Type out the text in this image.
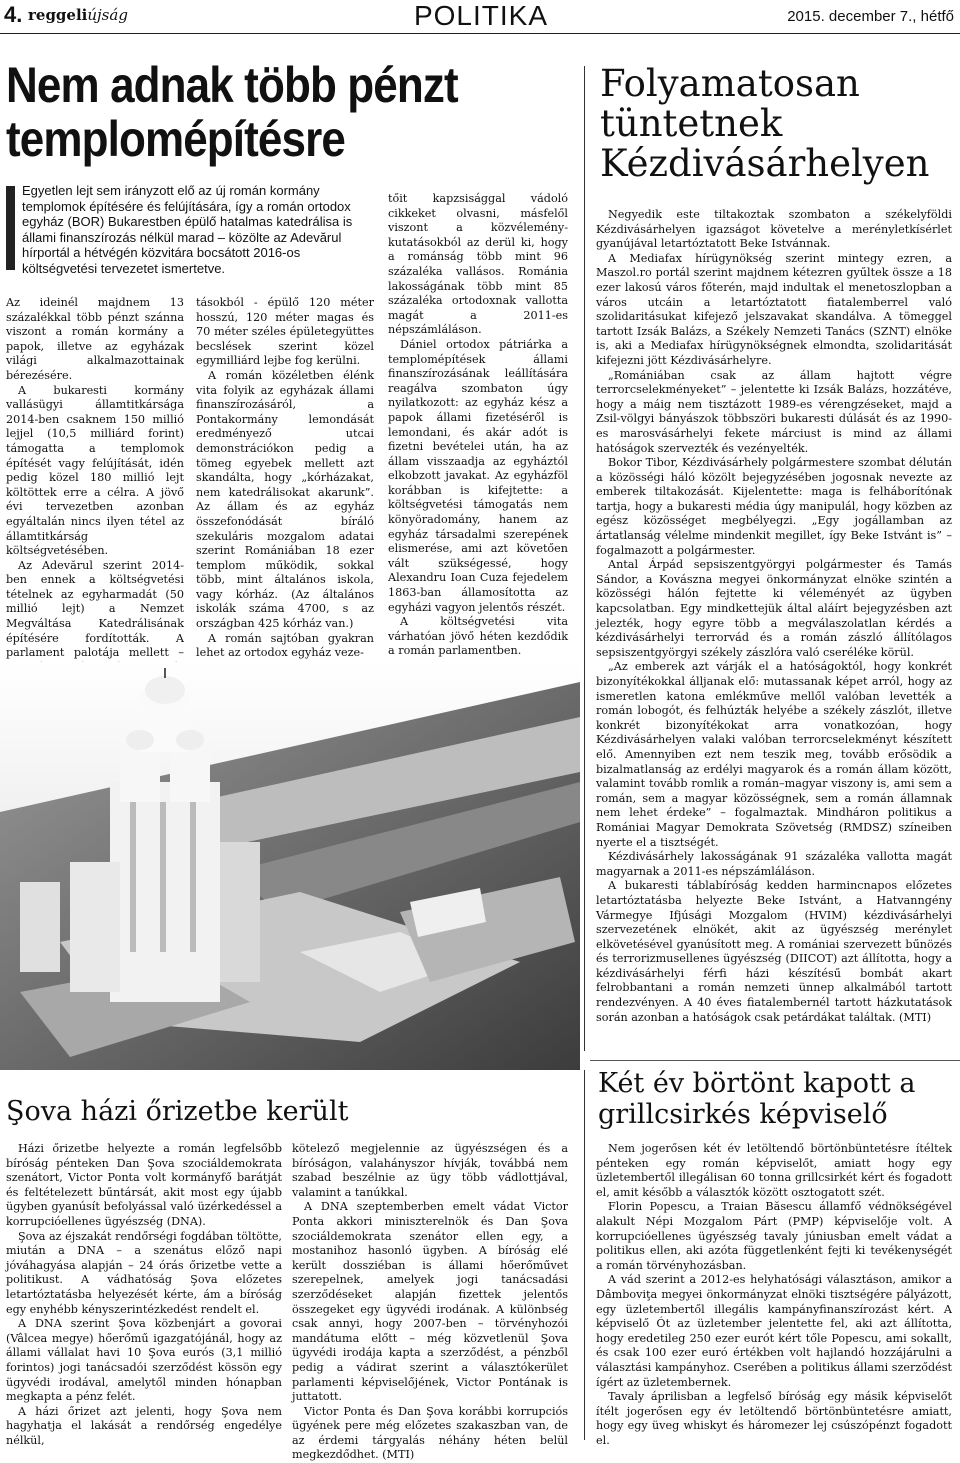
4. reggeliújság	POLITIKA	2015. december 7., hétfő
Nem adnak több pénzt templomépítésre
Egyetlen lejt sem irányzott elő az új román kormány templomok építésére és felújítására, így a román ortodox egyház (BOR) Bukarestben épülő hatalmas katedrálisa is állami finanszírozás nélkül marad – közölte az Adevărul hírportál a hétvégén közvitára bocsátott 2016-os költségvetési tervezetet ismertetve.

Az ideinél majdnem 13 százalékkal több pénzt szánna viszont a román kormány a papok, illetve az egyházak világi alkalmazottainak bérezésére.

A bukaresti kormány vallásügyi államtitkársága 2014-ben csaknem 150 millió lejjel (10,5 milliárd forint) támogatta a templomok építését vagy felújítását, idén pedig közel 180 millió lejt költöttek erre a célra. A jövő évi tervezetben azonban egyáltalán nincs ilyen tétel az államtitkárság költségvetésében.

Az Adevărul szerint 2014-ben ennek a költségvetési tételnek az egyharmadát (50 millió lejt) a Nemzet Megváltása Katedrálisának építésére fordították. A parlament palotája mellett –

tásokból - épülő 120 méter hosszú, 120 méter magas és 70 méter széles épületegyüttes becslések szerint közel egymilliárd lejbe fog kerülni.

A román közéletben élénk vita folyik az egyházak állami finanszírozásáról, a Pontakormány lemondását eredményező utcai demonstrációkon pedig a tömeg egyebek mellett azt skandálta, hogy „kórházakat, nem katedrálisokat akarunk”. Az állam és az egyház összefonódását bíráló szekuláris mozgalom adatai szerint Romániában 18 ezer templom működik, sokkal több, mint általános iskola, vagy kórház. (Az általános iskolák száma 4700, s az országban 425 kórház van.)

A román sajtóban gyakran lehet az ortodox egyház veze-

tőit kapzsisággal vádoló cikkeket olvasni, másfelől viszont a közvélemény-kutatásokból az derül ki, hogy a románság több mint 96 százaléka vallásos. Románia lakosságának több mint 85 százaléka ortodoxnak vallotta magát a 2011-es népszámláláson.

Dániel ortodox pátriárka a templomépítések állami finanszírozásának leállítására reagálva szombaton úgy nyilatkozott: az egyház kész a papok állami fizetéséről is lemondani, és akár adót is fizetni bevételei után, ha az állam visszaadja az egyháztól elkobzott javakat. Az egyházföl korábban is kifejtette: a költségvetési támogatás nem könyöradomány, hanem az egyház társadalmi szerepének elismerése, ami azt követően vált szükségessé, hogy Alexandru Ioan Cuza fejedelem 1863-ban államosította az egyházi vagyon jelentős részét.

A költségvetési vita várhatóan jövő héten kezdődik a román parlamentben.

Folyamatosan tüntetnek Kézdivásárhelyen

Negyedik este tiltakoztak szombaton a székelyföldi Kézdivásárhelyen igazságot követelve a merényletkísérlet gyanújával letartóztatott Beke Istvánnak.

A Mediafax hírügynökség szerint mintegy ezren, a Maszol.ro portál szerint majdnem kétezren gyűltek össze a 18 ezer lakosú város főterén, majd indultak el menetoszlopban a város utcáin a letartóztatott fiatalemberrel való szolidaritásukat kifejező jelszavakat skandálva. A tömeggel tartott Izsák Balázs, a Székely Nemzeti Tanács (SZNT) elnöke is, aki a Mediafax hírügynökségnek elmondta, szolidaritását kifejezni jött Kézdivásárhelyre.

„Romániában csak az állam hajtott végre terrorcselekményeket” – jelentette ki Izsák Balázs, hozzátéve, hogy a máig nem tisztázott 1989-es vérengzéseket, majd a Zsil-völgyi bányászok többszöri bukaresti dúlását és az 1990-es marosvásárhelyi fekete márciust is mind az állami hatóságok szervezték és vezényelték.

Bokor Tibor, Kézdivásárhely polgármestere szombat délután a közösségi háló közölt bejegyzésében jogosnak nevezte az emberek tiltakozását. Kijelentette: maga is felháborítónak tartja, hogy a bukaresti média úgy manipulál, hogy közben az egész közösséget megbélyegzi. „Egy jogállamban az ártatlanság vélelme mindenkit megillet, így Beke Istvánt is” – fogalmazott a polgármester.

Antal Árpád sepsiszentgyörgyi polgármester és Tamás Sándor, a Kovászna megyei önkormányzat elnöke szintén a közösségi hálón fejtette ki véleményét az ügyben kapcsolatban. Egy mindkettejük által aláírt bejegyzésben azt jelezték, hogy egyre több a megválaszolatlan kérdés a kézdivásárhelyi terrorvád és a román zászló állítólagos sepsiszentgyörgyi székely zászlóra való cseréléke körül.

„Az emberek azt várják el a hatóságoktól, hogy konkrét bizonyítékokkal álljanak elő: mutassanak képet arról, hogy az ismeretlen katona emlékműve mellől valóban levették a román lobogót, és felhúzták helyébe a székely zászlót, illetve konkrét bizonyítékokat arra vonatkozóan, hogy Kézdivásárhelyen valaki valóban terrorcselekményt készített elő. Amennyiben ezt nem teszik meg, tovább erősödik a bizalmatlanság az erdélyi magyarok és a román állam között, valamint tovább romlik a román–magyar viszony is, ami sem a román, sem a magyar közösségnek, sem a román államnak nem lehet érdeke” – fogalmaztak. Mindháron politikus a Romániai Magyar Demokrata Szövetség (RMDSZ) színeiben nyerte el a tisztségét.

Kézdivásárhely lakosságának 91 százaléka vallotta magát magyarnak a 2011-es népszámláláson.

A bukaresti táblabíróság kedden harmincnapos előzetes letartóztatásba helyezte Beke Istvánt, a Hatvanngény Vármegye Ifjúsági Mozgalom (HVIM) kézdivásárhelyi szervezetének elnökét, akit az ügyészség merénylet elkövetésével gyanúsított meg. A romániai szervezett bűnözés és terrorizmusellenes ügyészség (DIICOT) azt állította, hogy a kézdivásárhelyi férfi házi készítésű bombát akart felrobbantani a román nemzeti ünnep alkalmából tartott rendezvényen. A 40 éves fiatalembernél tartott házkutatások során azonban a hatóságok csak petárdákat találtak. (MTI)

Şova házi őrizetbe került

Házi őrizetbe helyezte a román legfelsőbb bíróság pénteken Dan Şova szociáldemokrata szenátort, Victor Ponta volt kormányfő barátját és feltételezett bűntársát, akit most egy újabb ügyben gyanúsít befolyással való üzérkedéssel a korrupcióellenes ügyészség (DNA).

Şova az éjszakát rendőrségi fogdában töltötte, miután a DNA – a szenátus előző napi jóváhagyása alapján – 24 órás őrizetbe vette a politikust. A vádhatóság Şova előzetes letartóztatásba helyezését kérte, ám a bíróság egy enyhébb kényszerintézkedést rendelt el.

A DNA szerint Şova közbenjárt a govorai (Vâlcea megye) hőerőmű igazgatójánál, hogy az állami vállalat havi 10 Şova eurós (3,1 millió forintos) jogi tanácsadói szerződést kössön egy ügyvédi irodával, amelytől minden hónapban megkapta a pénz felét.

A házi őrizet azt jelenti, hogy Şova nem hagyhatja el lakását a rendőrség engedélye nélkül,

kötelező megjelennie az ügyészségen és a bíróságon, valahányszor hívják, továbbá nem szabad beszélnie az ügy több vádlottjával, valamint a tanúkkal.

A DNA szeptemberben emelt vádat Victor Ponta akkori miniszterelnök és Dan Şova szociáldemokrata szenátor ellen egy, a mostanihoz hasonló ügyben. A bíróság elé került dossziéban is állami hőerőművet szerepelnek, amelyek jogi tanácsadási szerződéseket alapján fizettek jelentős összegeket egy ügyvédi irodának. A különbség csak annyi, hogy 2007-ben – törvényhozói mandátuma előtt – még közvetlenül Şova ügyvédi irodája kapta a szerződést, a pénzből pedig a vádirat szerint a választókerület parlamenti képviselőjének, Victor Pontának is juttatott.

Victor Ponta és Dan Şova korábbi korrupciós ügyének pere még előzetes szakaszban van, de az érdemi tárgyalás néhány héten belül megkezdődhet. (MTI)

Két év börtönt kapott a grillcsirkés képviselő

Nem jogerősen két év letöltendő börtönbüntetésre ítéltek pénteken egy román képviselőt, amiatt hogy egy üzletembertől illegálisan 60 tonna grillcsirkét kért és fogadott el, amit később a választók között osztogatott szét.

Florin Popescu, a Traian Băsescu államfő védnökségével alakult Népi Mozgalom Párt (PMP) képviselője volt. A korrupcióellenes ügyészség tavaly júniusban emelt vádat a politikus ellen, aki azóta függetlenként fejti ki tevékenységét a román törvényhozásban.

A vád szerint a 2012-es helyhatósági választáson, amikor a Dâmboviţa megyei önkormányzat elnöki tisztségére pályázott, egy üzletembertől illegális kampányfinanszírozást kért. A képviselő Ót az üzletember jelentette fel, aki azt állította, hogy eredetileg 250 ezer eurót kért tőle Popescu, ami sokallt, és csak 100 ezer euró értékben volt hajlandó hozzájárulni a választási kampányhoz. Cserében a politikus állami szerződést ígért az üzletembernek.

Tavaly áprilisban a legfelső bíróság egy másik képviselőt ítélt jogerősen egy év letöltendő börtönbüntetésre amiatt, hogy egy üveg whiskyt és háromezer lej csúszópénzt fogadott el.
